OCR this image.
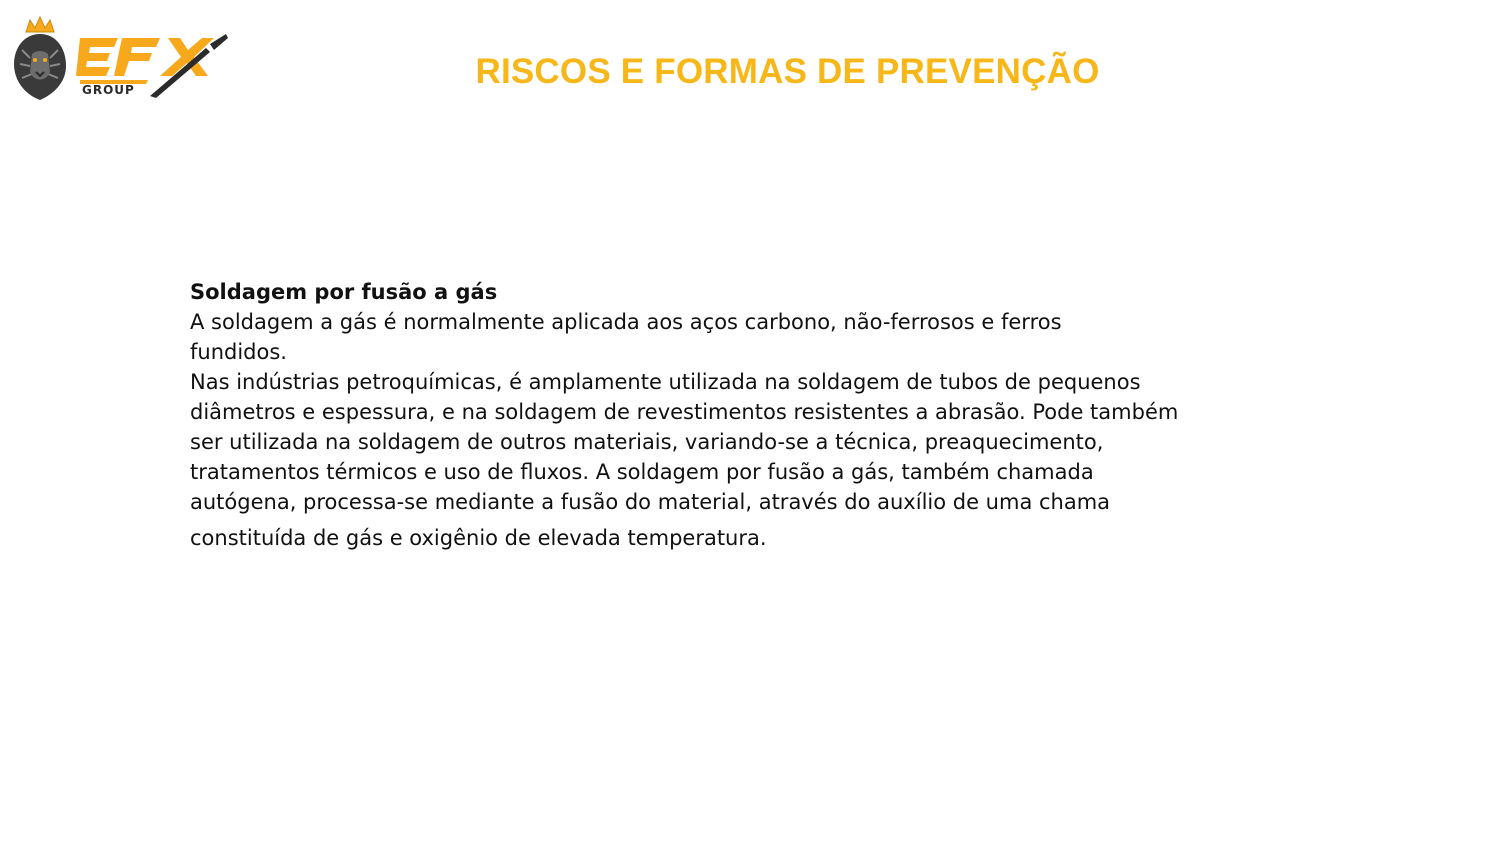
GROUP	RISCOS E FORMAS DE PREVENÇÃO

Soldagem por fusão a gás

A soldagem a gás é normalmente aplicada aos aços carbono, não-ferrosos e ferros

fundidos.

Nas indústrias petroquímicas, é amplamente utilizada na soldagem de tubos de pequenos

diâmetros e espessura, e na soldagem de revestimentos resistentes a abrasão. Pode também

ser utilizada na soldagem de outros materiais, variando-se a técnica, preaquecimento,

tratamentos térmicos e uso de fluxos. A soldagem por fusão a gás, também chamada

autógena, processa-se mediante a fusão do material, através do auxílio de uma chama

constituída de gás e oxigênio de elevada temperatura.
